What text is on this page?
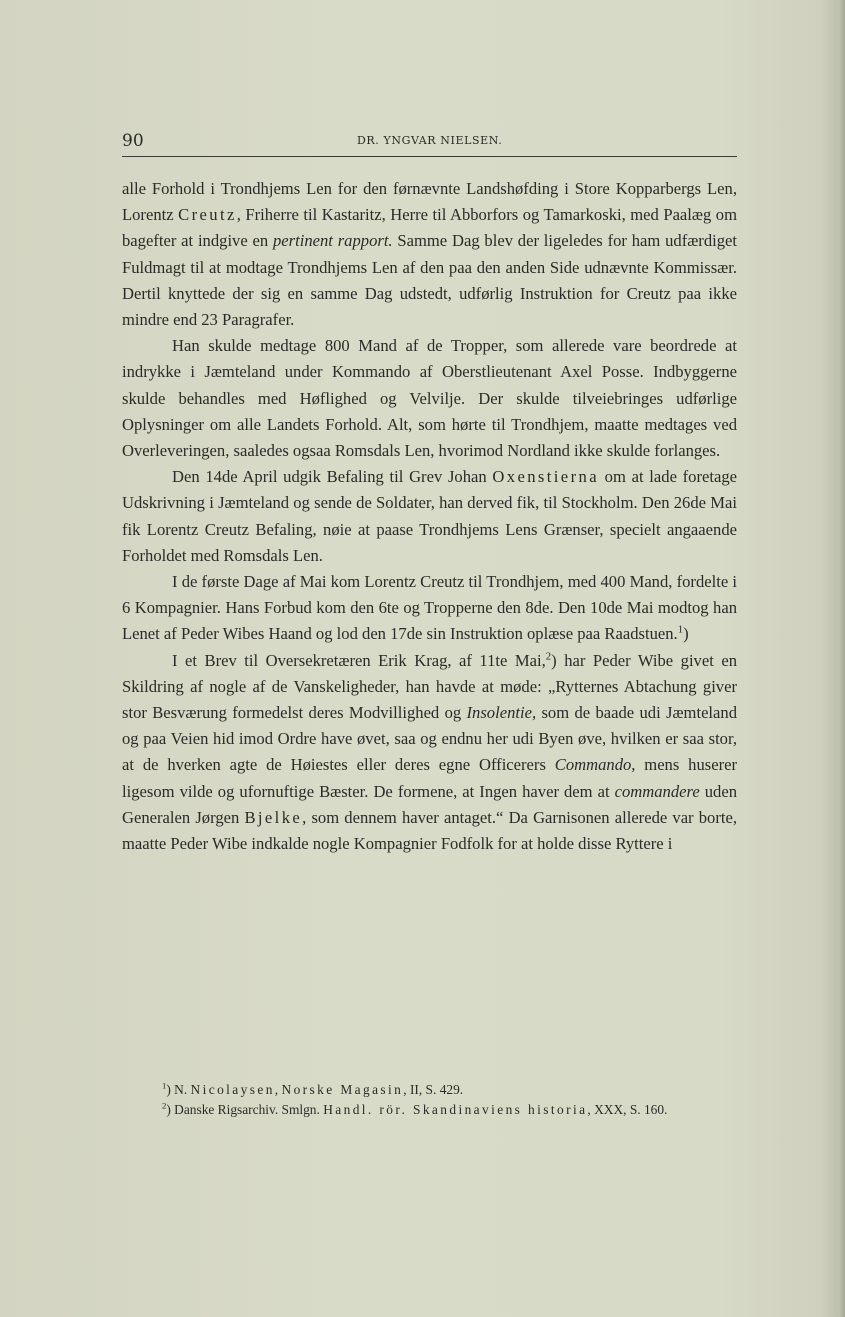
90	DR. YNGVAR NIELSEN.

alle Forhold i Trondhjems Len for den førnævnte Landshøfding i Store Kopparbergs Len, Lorentz Creutz, Friherre til Kastaritz, Herre til Abborfors og Tamarkoski, med Paalæg om bagefter at indgive en pertinent rapport. Samme Dag blev der ligeledes for ham udfærdiget Fuldmagt til at modtage Trondhjems Len af den paa den anden Side udnævnte Kommissær. Dertil knyttede der sig en samme Dag udstedt, udførlig Instruktion for Creutz paa ikke mindre end 23 Paragrafer.

Han skulde medtage 800 Mand af de Tropper, som allerede vare beordrede at indrykke i Jæmteland under Kommando af Oberstlieutenant Axel Posse. Indbyggerne skulde behandles med Høflighed og Velvilje. Der skulde tilveiebringes udførlige Oplysninger om alle Landets Forhold. Alt, som hørte til Trondhjem, maatte medtages ved Overleveringen, saaledes ogsaa Romsdals Len, hvorimod Nordland ikke skulde forlanges.

Den 14de April udgik Befaling til Grev Johan Oxenstierna om at lade foretage Udskrivning i Jæmteland og sende de Soldater, han derved fik, til Stockholm. Den 26de Mai fik Lorentz Creutz Befaling, nøie at paase Trondhjems Lens Grænser, specielt angaaende Forholdet med Romsdals Len.

I de første Dage af Mai kom Lorentz Creutz til Trondhjem, med 400 Mand, fordelte i 6 Kompagnier. Hans Forbud kom den 6te og Tropperne den 8de. Den 10de Mai modtog han Lenet af Peder Wibes Haand og lod den 17de sin Instruktion oplæse paa Raadstuen.$^1$)

I et Brev til Oversekretæren Erik Krag, af 11te Mai,$^2$) har Peder Wibe givet en Skildring af nogle af de Vanskeligheder, han havde at møde: „Rytternes Abtachung giver stor Besværung formedelst deres Modvillighed og Insolentie, som de baade udi Jæmteland og paa Veien hid imod Ordre have øvet, saa og endnu her udi Byen øve, hvilken er saa stor, at de hverken agte de Høiestes eller deres egne Officerers Commando, mens huserer ligesom vilde og ufornuftige Bæster. De formene, at Ingen haver dem at commandere uden Generalen Jørgen Bjelke, som dennem haver antaget.“ Da Garnisonen allerede var borte, maatte Peder Wibe indkalde nogle Kompagnier Fodfolk for at holde disse Ryttere i

$^1$) N. Nicolaysen, Norske Magasin, II, S. 429.

$^2$) Danske Rigsarchiv. Smlgn. Handl. rör. Skandinaviens historia, XXX, S. 160.
